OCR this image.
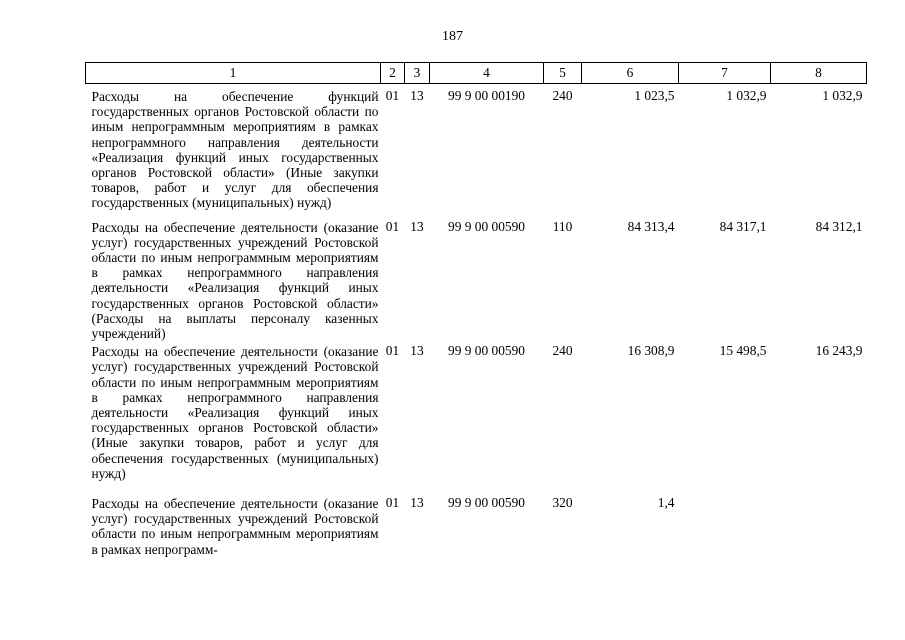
187
1	2	3	4	5	6	7	8

Расходы на обеспечение функций государственных органов Ростовской области по иным непрограммным мероприятиям в рамках непрограммного направления деятельности «Реализация функций иных государственных органов Ростовской области» (Иные закупки товаров, работ и услуг для обеспечения государственных (муниципальных) нужд)	01	13	99 9 00 00190	240	1 023,5	1 032,9	1 032,9

Расходы на обеспечение деятельности (оказание услуг) государственных учреждений Ростовской области по иным непрограммным мероприятиям в рамках непрограммного направления деятельности «Реализация функций иных государственных органов Ростовской области» (Расходы на выплаты персоналу казенных учреждений)	01	13	99 9 00 00590	110	84 313,4	84 317,1	84 312,1

Расходы на обеспечение деятельности (оказание услуг) государственных учреждений Ростовской области по иным непрограммным мероприятиям в рамках непрограммного направления деятельности «Реализация функций иных государственных органов Ростовской области» (Иные закупки товаров, работ и услуг для обеспечения государственных (муниципальных) нужд)	01	13	99 9 00 00590	240	16 308,9	15 498,5	16 243,9

Расходы на обеспечение деятельности (оказание услуг) государственных учреждений Ростовской области по иным непрограммным мероприятиям в рамках непрограмм-	01	13	99 9 00 00590	320	1,4		
